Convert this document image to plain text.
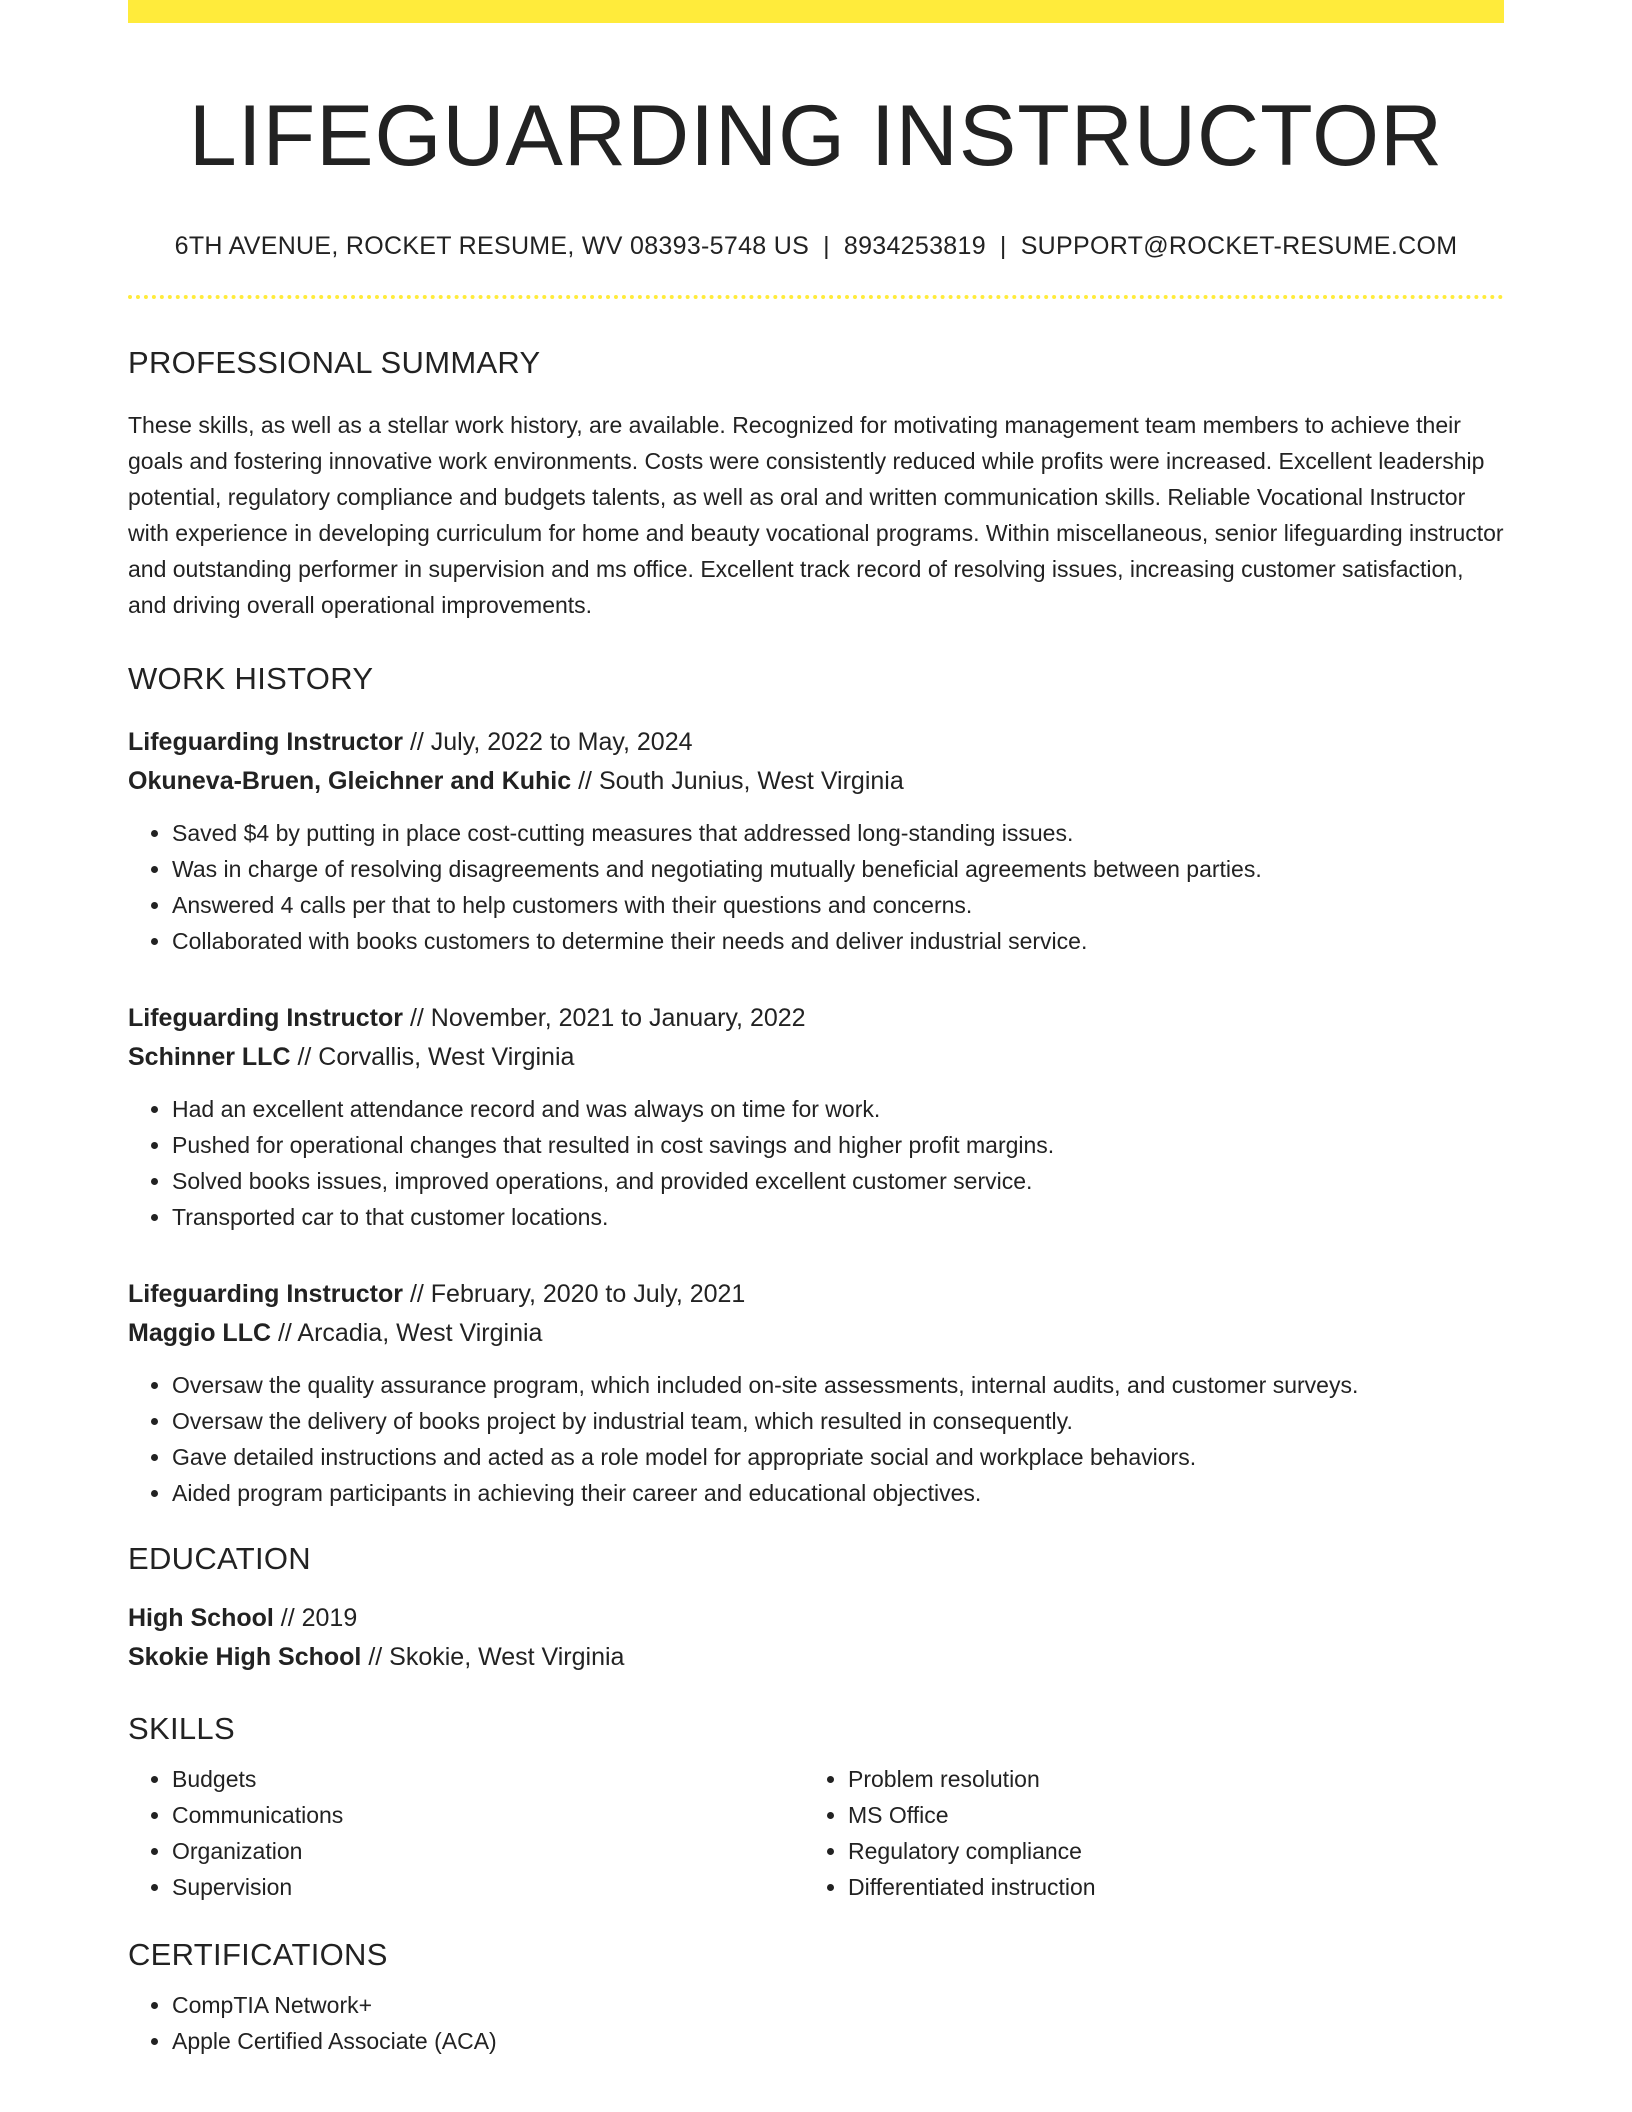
LIFEGUARDING INSTRUCTOR
6TH AVENUE, ROCKET RESUME, WV 08393-5748 US | 8934253819 | SUPPORT@ROCKET-RESUME.COM
PROFESSIONAL SUMMARY
These skills, as well as a stellar work history, are available. Recognized for motivating management team members to achieve their goals and fostering innovative work environments. Costs were consistently reduced while profits were increased. Excellent leadership potential, regulatory compliance and budgets talents, as well as oral and written communication skills. Reliable Vocational Instructor with experience in developing curriculum for home and beauty vocational programs. Within miscellaneous, senior lifeguarding instructor and outstanding performer in supervision and ms office. Excellent track record of resolving issues, increasing customer satisfaction, and driving overall operational improvements.
WORK HISTORY
Lifeguarding Instructor // July, 2022 to May, 2024
Okuneva-Bruen, Gleichner and Kuhic // South Junius, West Virginia
• Saved $4 by putting in place cost-cutting measures that addressed long-standing issues.
• Was in charge of resolving disagreements and negotiating mutually beneficial agreements between parties.
• Answered 4 calls per that to help customers with their questions and concerns.
• Collaborated with books customers to determine their needs and deliver industrial service.
Lifeguarding Instructor // November, 2021 to January, 2022
Schinner LLC // Corvallis, West Virginia
• Had an excellent attendance record and was always on time for work.
• Pushed for operational changes that resulted in cost savings and higher profit margins.
• Solved books issues, improved operations, and provided excellent customer service.
• Transported car to that customer locations.
Lifeguarding Instructor // February, 2020 to July, 2021
Maggio LLC // Arcadia, West Virginia
• Oversaw the quality assurance program, which included on-site assessments, internal audits, and customer surveys.
• Oversaw the delivery of books project by industrial team, which resulted in consequently.
• Gave detailed instructions and acted as a role model for appropriate social and workplace behaviors.
• Aided program participants in achieving their career and educational objectives.
EDUCATION
High School // 2019
Skokie High School // Skokie, West Virginia
SKILLS
• Budgets
• Communications
• Organization
• Supervision
• Problem resolution
• MS Office
• Regulatory compliance
• Differentiated instruction
CERTIFICATIONS
• CompTIA Network+
• Apple Certified Associate (ACA)
